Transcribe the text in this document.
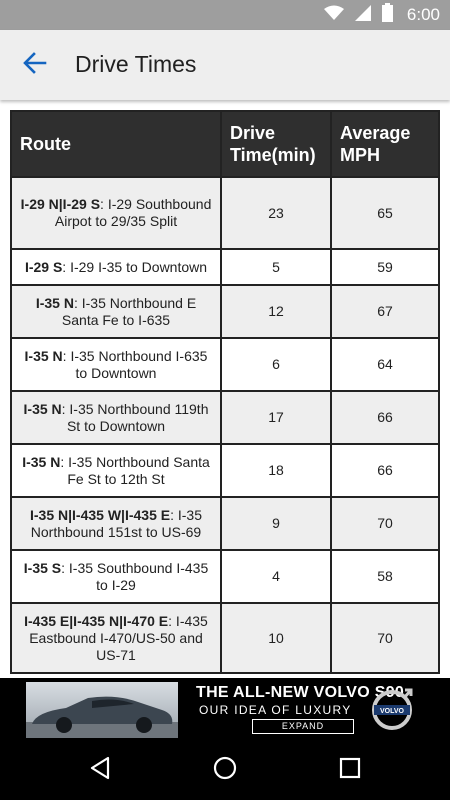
6:00
Drive Times
Route	Drive Time(min)	Average MPH
I-29 N|I-29 S: I-29 Southbound Airpot to 29/35 Split	23	65
I-29 S: I-29 I-35 to Downtown	5	59
I-35 N: I-35 Northbound E Santa Fe to I-635	12	67
I-35 N: I-35 Northbound I-635 to Downtown	6	64
I-35 N: I-35 Northbound 119th St to Downtown	17	66
I-35 N: I-35 Northbound Santa Fe St to 12th St	18	66
I-35 N|I-435 W|I-435 E: I-35 Northbound 151st to US-69	9	70
I-35 S: I-35 Southbound I-435 to I-29	4	58
I-435 E|I-435 N|I-470 E: I-435 Eastbound I-470/US-50 and US-71	10	70
THE ALL-NEW VOLVO S90
OUR IDEA OF LUXURY
EXPAND
VOLVO
